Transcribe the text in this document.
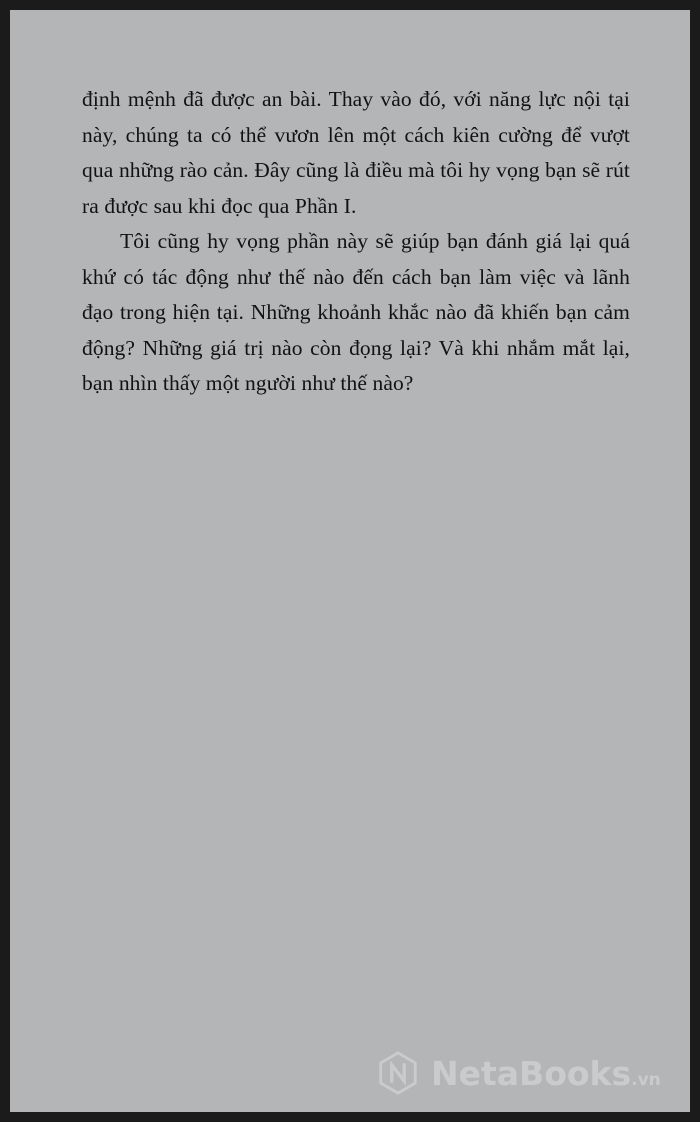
định mệnh đã được an bài. Thay vào đó, với năng lực nội tại này, chúng ta có thể vươn lên một cách kiên cường để vượt qua những rào cản. Đây cũng là điều mà tôi hy vọng bạn sẽ rút ra được sau khi đọc qua Phần I.

Tôi cũng hy vọng phần này sẽ giúp bạn đánh giá lại quá khứ có tác động như thế nào đến cách bạn làm việc và lãnh đạo trong hiện tại. Những khoảnh khắc nào đã khiến bạn cảm động? Những giá trị nào còn đọng lại? Và khi nhắm mắt lại, bạn nhìn thấy một người như thế nào?

NetaBooks.vn
